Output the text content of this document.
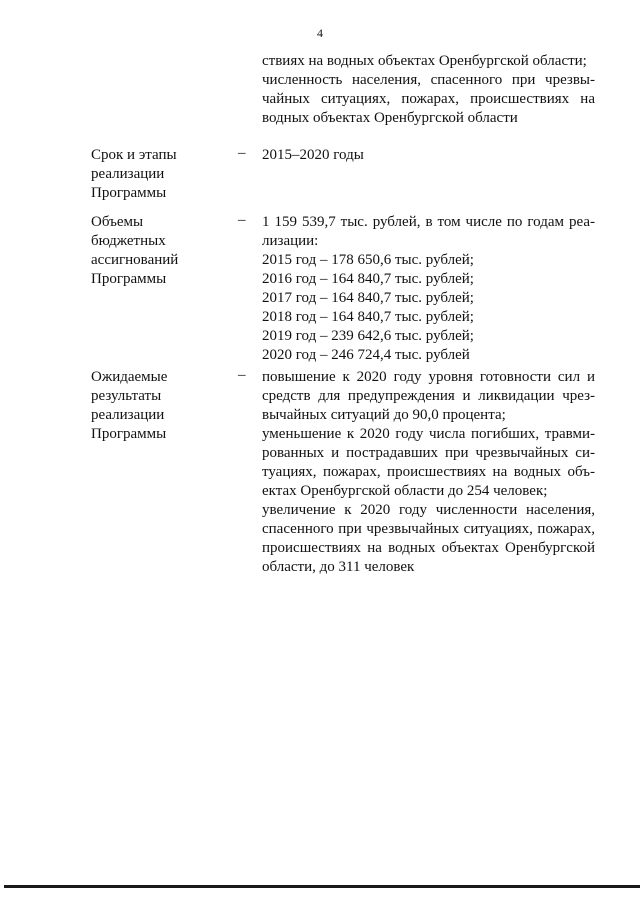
4
ствиях на водных объектах Оренбургской области;
численность населения, спасенного при чрезвы-
чайных ситуациях, пожарах, происшествиях на
водных объектах Оренбургской области
Срок и этапы
реализации
Программы
– 2015–2020 годы
Объемы
бюджетных
ассигнований
Программы
– 1 159 539,7 тыс. рублей, в том числе по годам реа-
лизации:
2015 год – 178 650,6 тыс. рублей;
2016 год – 164 840,7 тыс. рублей;
2017 год – 164 840,7 тыс. рублей;
2018 год – 164 840,7 тыс. рублей;
2019 год – 239 642,6 тыс. рублей;
2020 год – 246 724,4 тыс. рублей
Ожидаемые
результаты
реализации
Программы
– повышение к 2020 году уровня готовности сил и
средств для предупреждения и ликвидации чрез-
вычайных ситуаций до 90,0 процента;
уменьшение к 2020 году числа погибших, травми-
рованных и пострадавших при чрезвычайных си-
туациях, пожарах, происшествиях на водных объ-
ектах Оренбургской области до 254 человек;
увеличение к 2020 году численности населения,
спасенного при чрезвычайных ситуациях, пожарах,
происшествиях на водных объектах Оренбургской
области, до 311 человек
